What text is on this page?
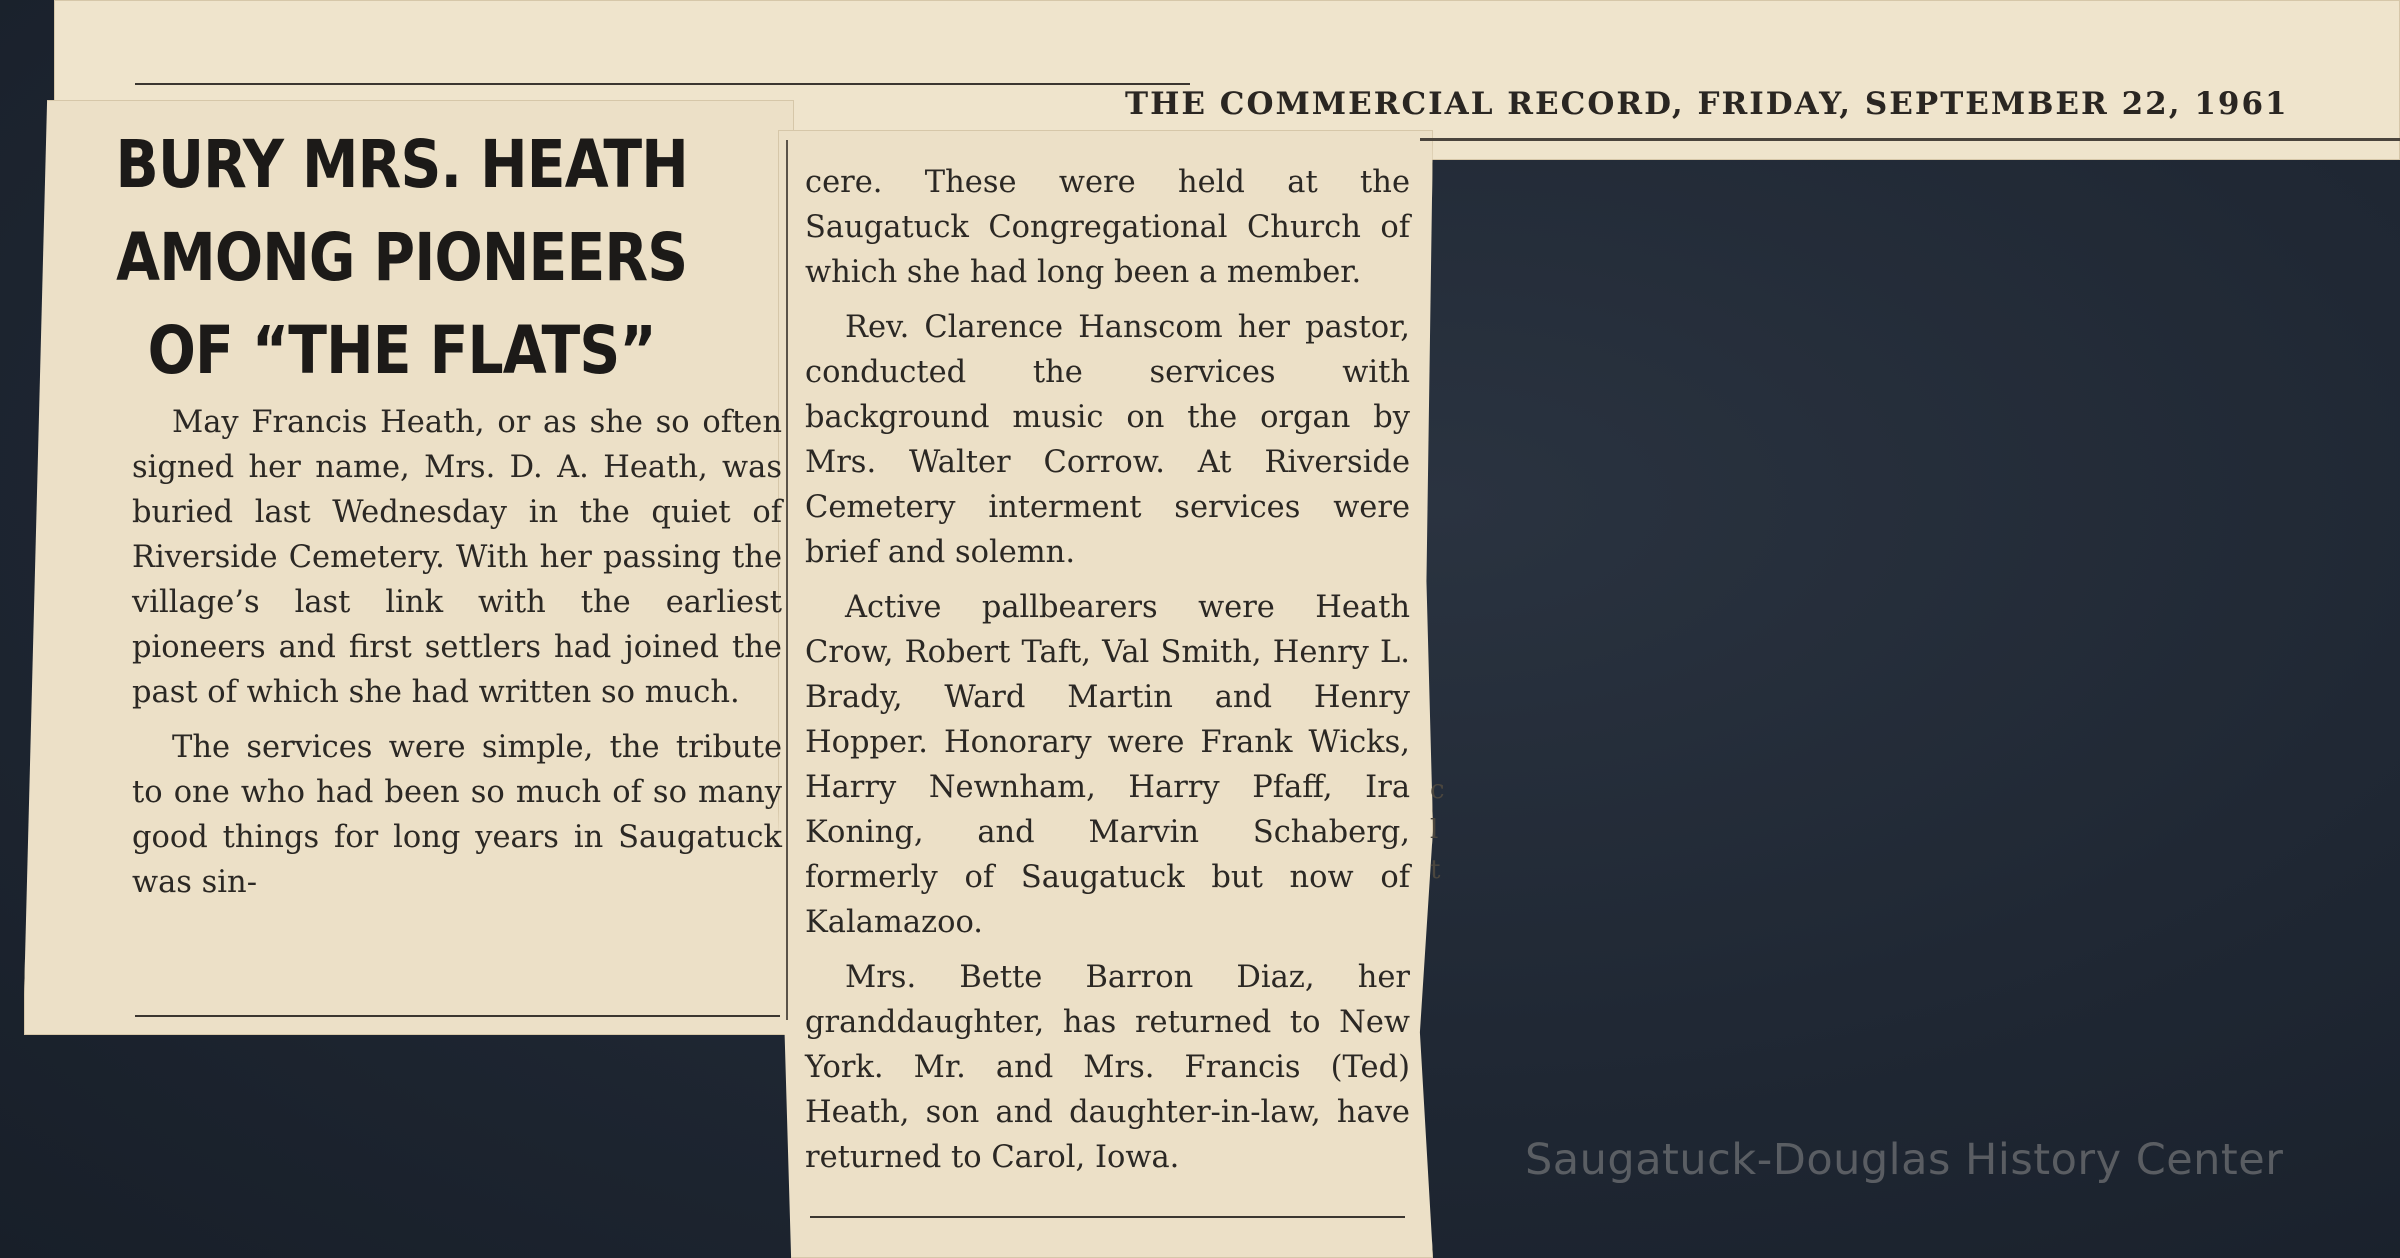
THE COMMERCIAL RECORD, FRIDAY, SEPTEMBER 22, 1961
BURY MRS. HEATH
AMONG PIONEERS
OF “THE FLATS”

May Francis Heath, or as she so often signed her name, Mrs. D. A. Heath, was buried last Wednesday in the quiet of Riverside Cemetery. With her passing the village’s last link with the earliest pioneers and first settlers had joined the past of which she had written so much.

The services were simple, the tribute to one who had been so much of so many good things for long years in Saugatuck was sin-

cere. These were held at the Saugatuck Congregational Church of which she had long been a member.

Rev. Clarence Hanscom her pastor, conducted the services with background music on the organ by Mrs. Walter Corrow. At Riverside Cemetery interment services were brief and solemn.

Active pallbearers were Heath Crow, Robert Taft, Val Smith, Henry L. Brady, Ward Martin and Henry Hopper. Honorary were Frank Wicks, Harry Newnham, Harry Pfaff, Ira Koning, and Marvin Schaberg, formerly of Saugatuck but now of Kalamazoo.

Mrs. Bette Barron Diaz, her granddaughter, has returned to New York. Mr. and Mrs. Francis (Ted) Heath, son and daughter-in-law, have returned to Carol, Iowa.

c
l
t
Saugatuck-Douglas History Center
